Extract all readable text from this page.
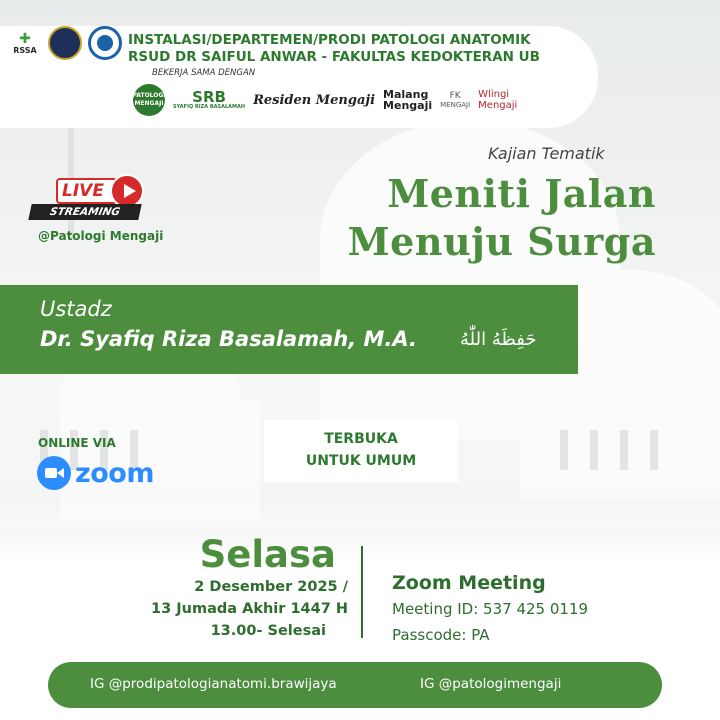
✚
RSSA
INSTALASI/DEPARTEMEN/PRODI PATOLOGI ANATOMIK
RSUD DR SAIFUL ANWAR - FAKULTAS KEDOKTERAN UB
BEKERJA SAMA DENGAN
PATOLOGI
MENGAJI SRB
SYAFIQ RIZA BASALAMAH Residen
Mengaji Malang
Mengaji
FK
MENGAJI
Wlingi
Mengaji
LIVE
STREAMING
@Patologi Mengaji
Kajian Tematik
Meniti Jalan
Menuju Surga
Ustadz
Dr. Syafiq Riza Basalamah, M.A. حَفِظَهُ اللّٰهُ
ONLINE VIA
zoom
TERBUKA
UNTUK UMUM
Selasa
2 Desember 2025 /
13 Jumada Akhir 1447 H
13.00- Selesai
Zoom Meeting
Meeting ID: 537 425 0119
Passcode: PA
IG @prodipatologianatomi.brawijaya	IG @patologimengaji
